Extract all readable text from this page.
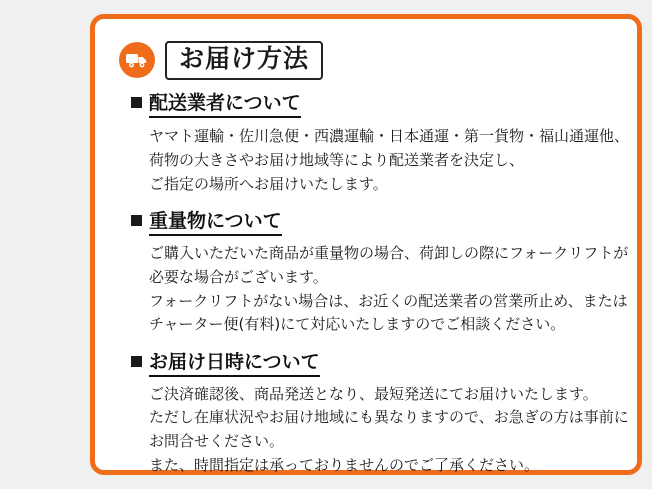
お届け方法
配送業者について
ヤマト運輸・佐川急便・西濃運輸・日本通運・第一貨物・福山通運他、
荷物の大きさやお届け地域等により配送業者を決定し、
ご指定の場所へお届けいたします。
重量物について
ご購入いただいた商品が重量物の場合、荷卸しの際にフォークリフトが
必要な場合がございます。
フォークリフトがない場合は、お近くの配送業者の営業所止め、または
チャーター便(有料)にて対応いたしますのでご相談ください。
お届け日時について
ご決済確認後、商品発送となり、最短発送にてお届けいたします。
ただし在庫状況やお届け地域にも異なりますので、お急ぎの方は事前に
お問合せください。
また、時間指定は承っておりませんのでご了承ください。
